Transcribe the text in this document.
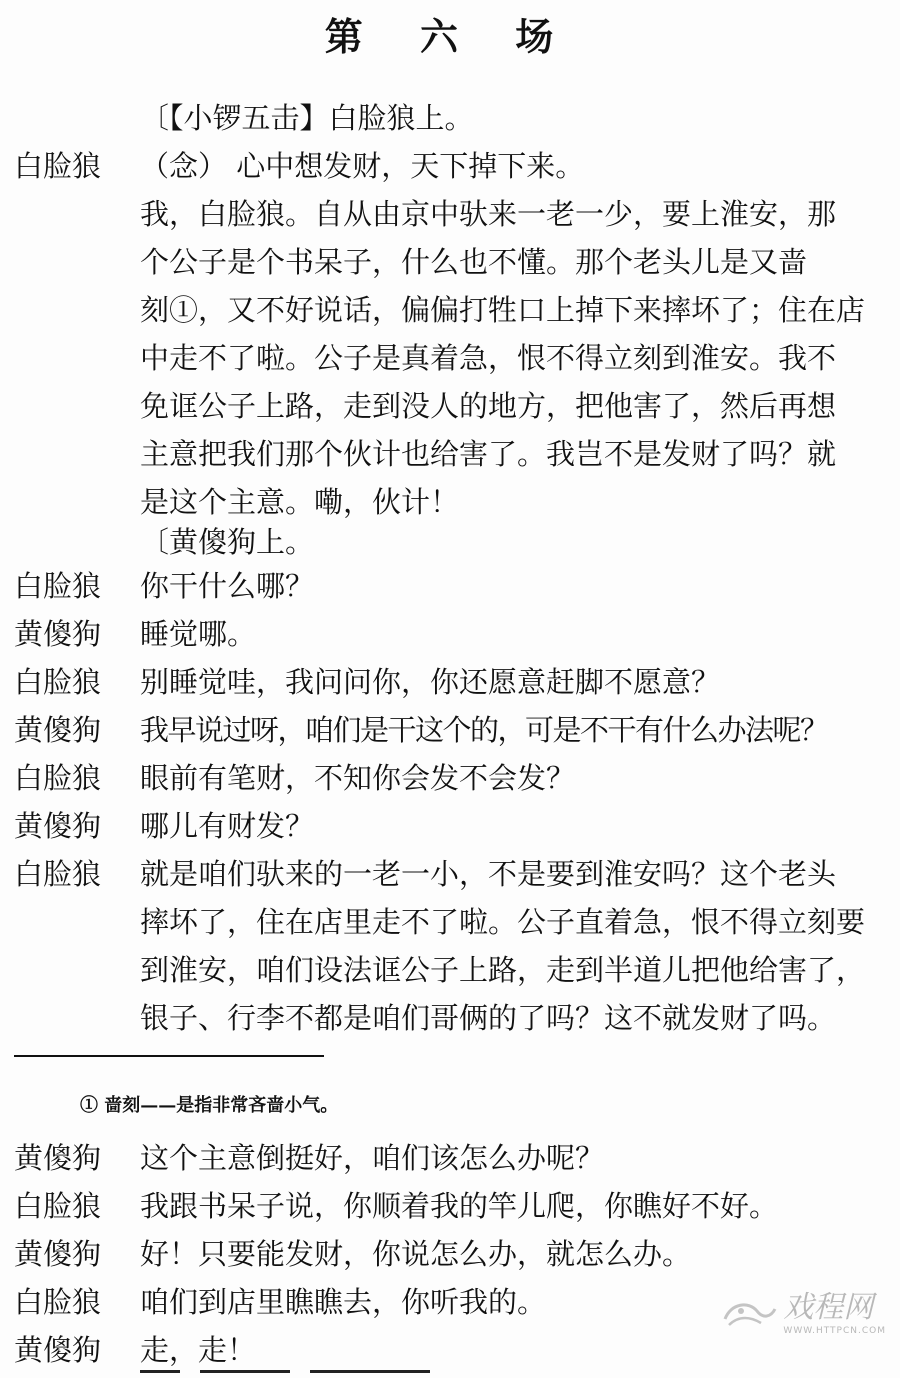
第 六 场
〔【小锣五击】白脸狼上。
白脸狼 （念） 心中想发财，天下掉下来。
我，白脸狼。自从由京中驮来一老一少，要上淮安，那
个公子是个书呆子，什么也不懂。那个老头儿是又啬
刻①，又不好说话，偏偏打牲口上掉下来摔坏了；住在店
中走不了啦。公子是真着急，恨不得立刻到淮安。我不
免诓公子上路，走到没人的地方，把他害了，然后再想
主意把我们那个伙计也给害了。我岂不是发财了吗？就
是这个主意。嘞，伙计！
〔黄傻狗上。
白脸狼 你干什么哪？
黄傻狗 睡觉哪。
白脸狼 别睡觉哇，我问问你，你还愿意赶脚不愿意？
黄傻狗 我早说过呀，咱们是干这个的，可是不干有什么办法呢？
白脸狼 眼前有笔财，不知你会发不会发？
黄傻狗 哪儿有财发？
白脸狼 就是咱们驮来的一老一小，不是要到淮安吗？这个老头
摔坏了，住在店里走不了啦。公子直着急，恨不得立刻要
到淮安，咱们设法诓公子上路，走到半道儿把他给害了，
银子、行李不都是咱们哥俩的了吗？这不就发财了吗。
① 啬刻——是指非常吝啬小气。
黄傻狗 这个主意倒挺好，咱们该怎么办呢？
白脸狼 我跟书呆子说，你顺着我的竿儿爬，你瞧好不好。
黄傻狗 好！只要能发财，你说怎么办，就怎么办。
白脸狼 咱们到店里瞧瞧去，你听我的。
黄傻狗 走，走！
戏程网
WWW.HTTPCN.COM
